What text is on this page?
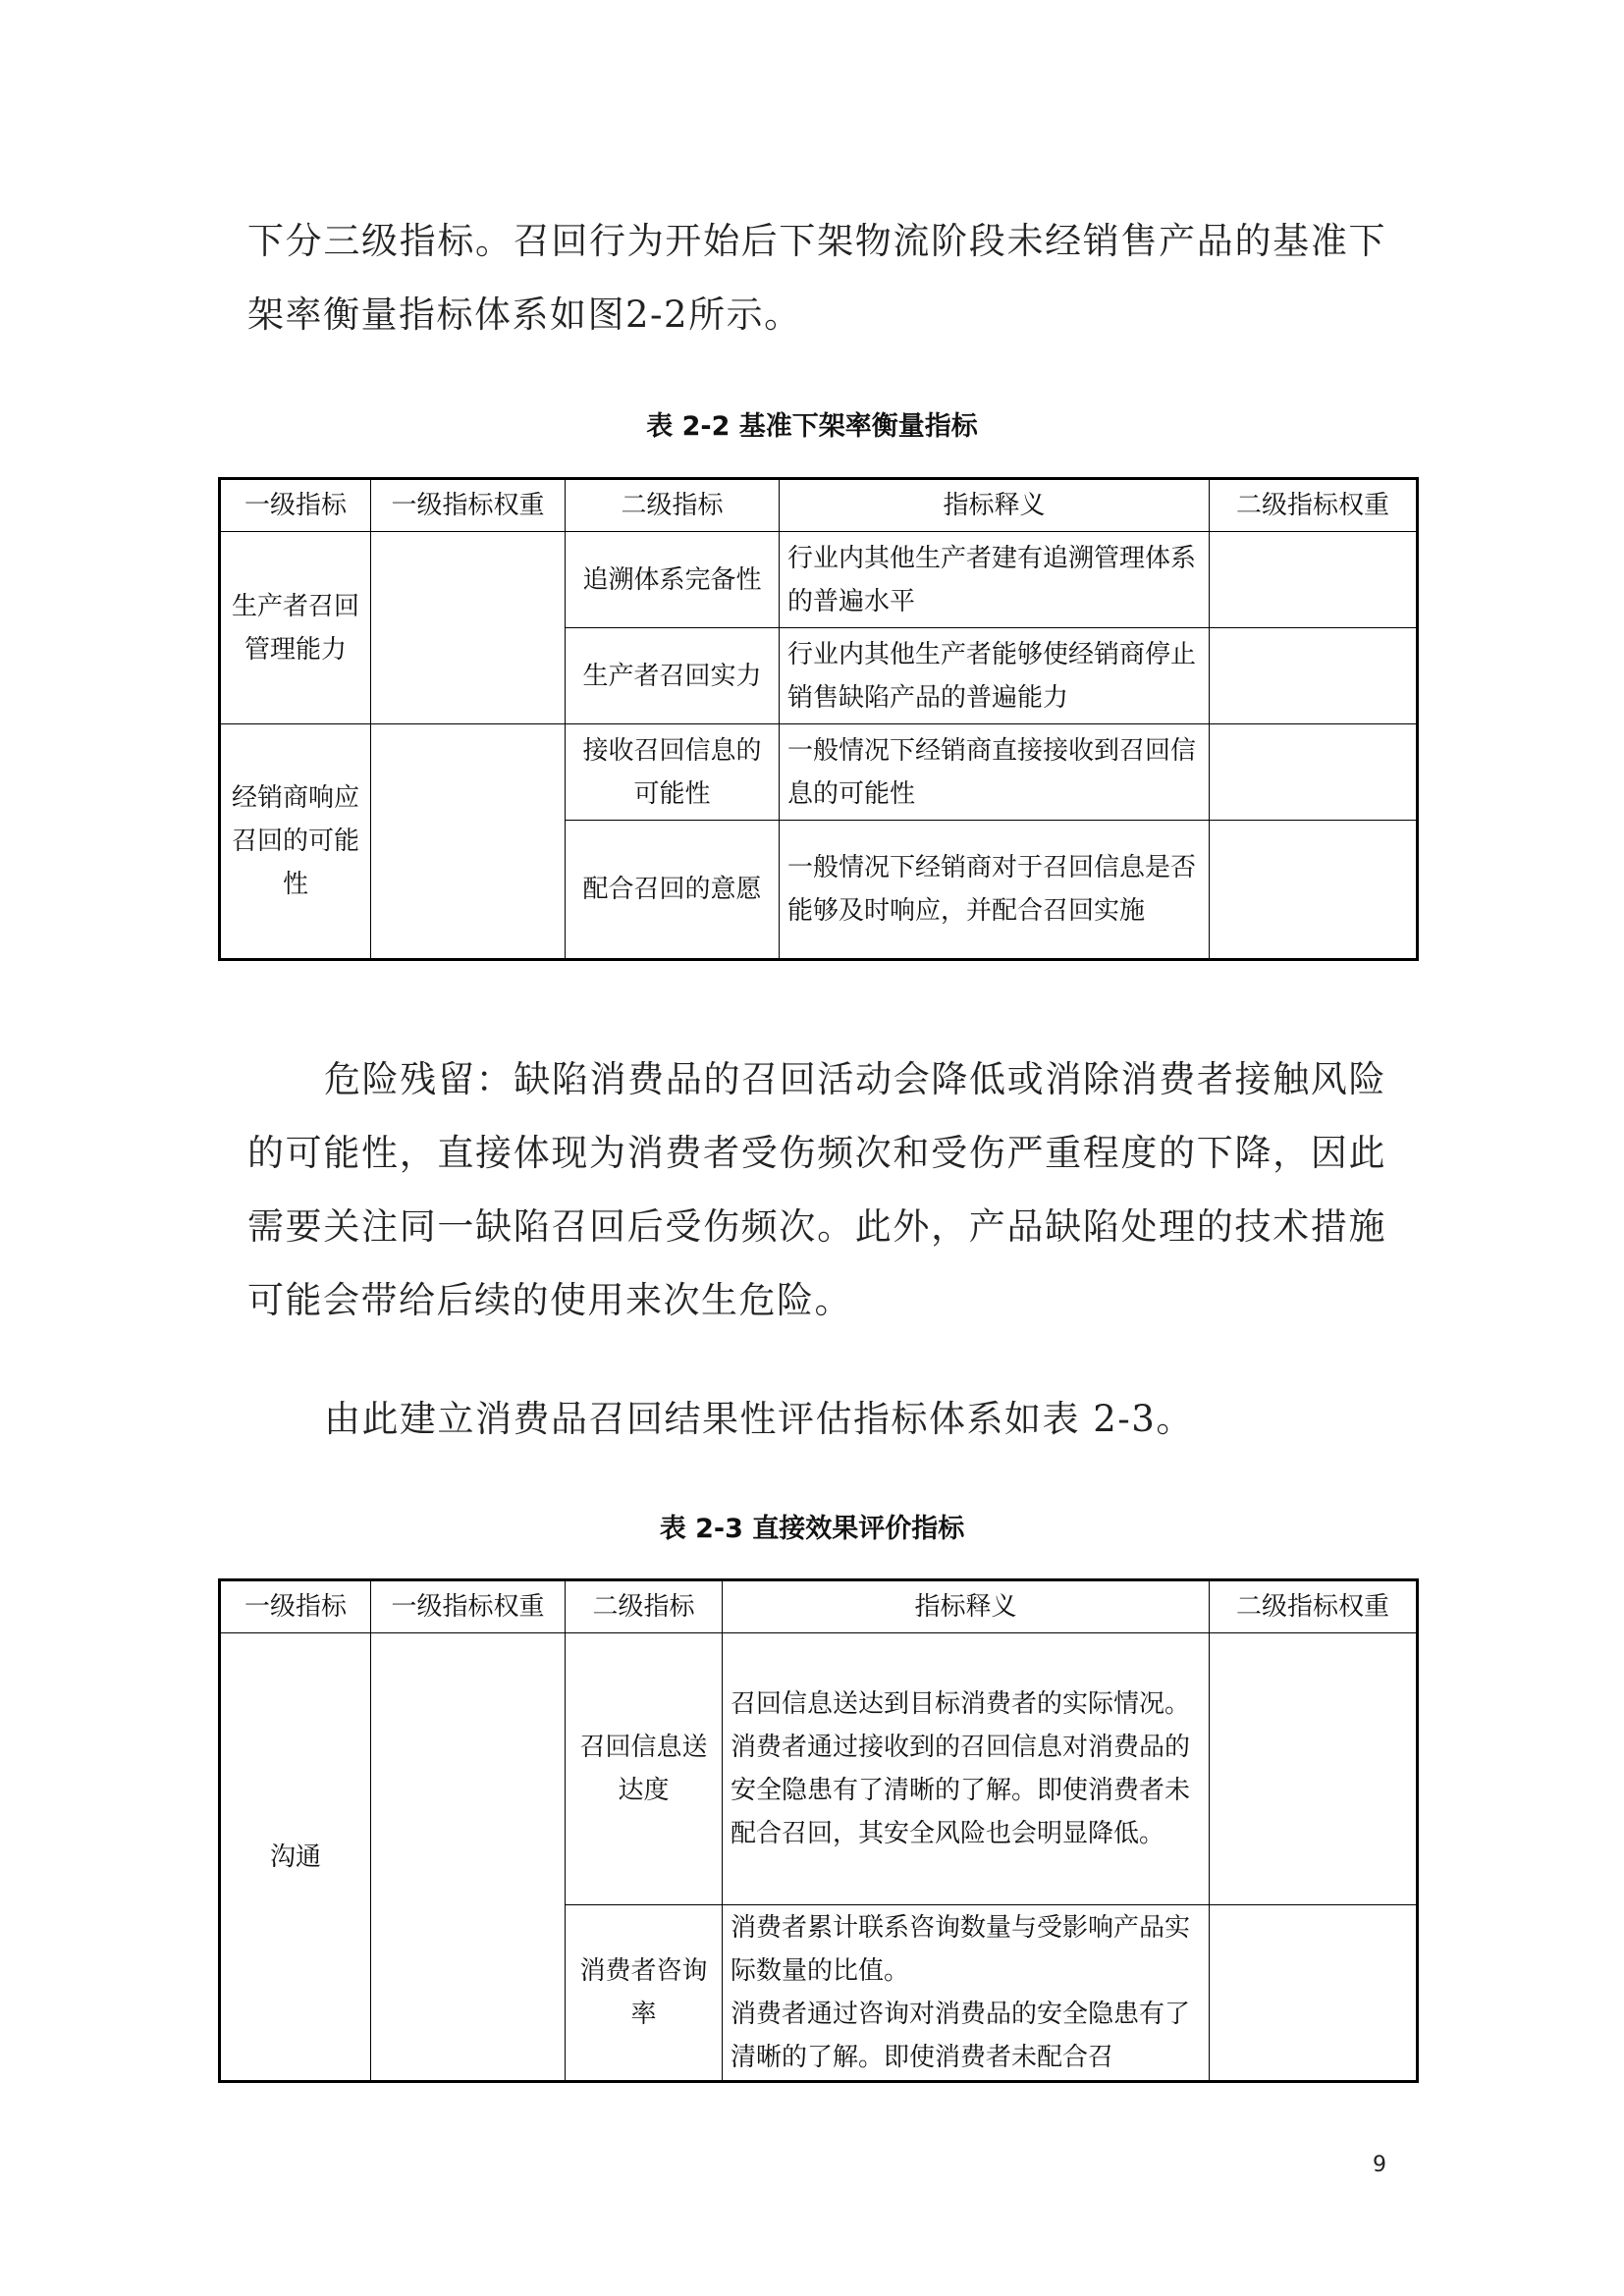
下分三级指标。召回行为开始后下架物流阶段未经销售产品的基准下架率衡量指标体系如图2-2所示。

表 2-2 基准下架率衡量指标

一级指标	一级指标权重	二级指标	指标释义	二级指标权重
生产者召回管理能力		追溯体系完备性	行业内其他生产者建有追溯管理体系的普遍水平	
		生产者召回实力	行业内其他生产者能够使经销商停止销售缺陷产品的普遍能力	
经销商响应召回的可能性		接收召回信息的可能性	一般情况下经销商直接接收到召回信息的可能性	
		配合召回的意愿	一般情况下经销商对于召回信息是否能够及时响应，并配合召回实施	

危险残留：缺陷消费品的召回活动会降低或消除消费者接触风险的可能性，直接体现为消费者受伤频次和受伤严重程度的下降，因此需要关注同一缺陷召回后受伤频次。此外，产品缺陷处理的技术措施可能会带给后续的使用来次生危险。

由此建立消费品召回结果性评估指标体系如表 2-3。

表 2-3 直接效果评价指标

一级指标	一级指标权重	二级指标	指标释义	二级指标权重
沟通		召回信息送达度	召回信息送达到目标消费者的实际情况。
消费者通过接收到的召回信息对消费品的安全隐患有了清晰的了解。即使消费者未配合召回，其安全风险也会明显降低。	

		消费者咨询率	消费者累计联系咨询数量与受影响产品实际数量的比值。
消费者通过咨询对消费品的安全隐患有了清晰的了解。即使消费者未配合召	

9
